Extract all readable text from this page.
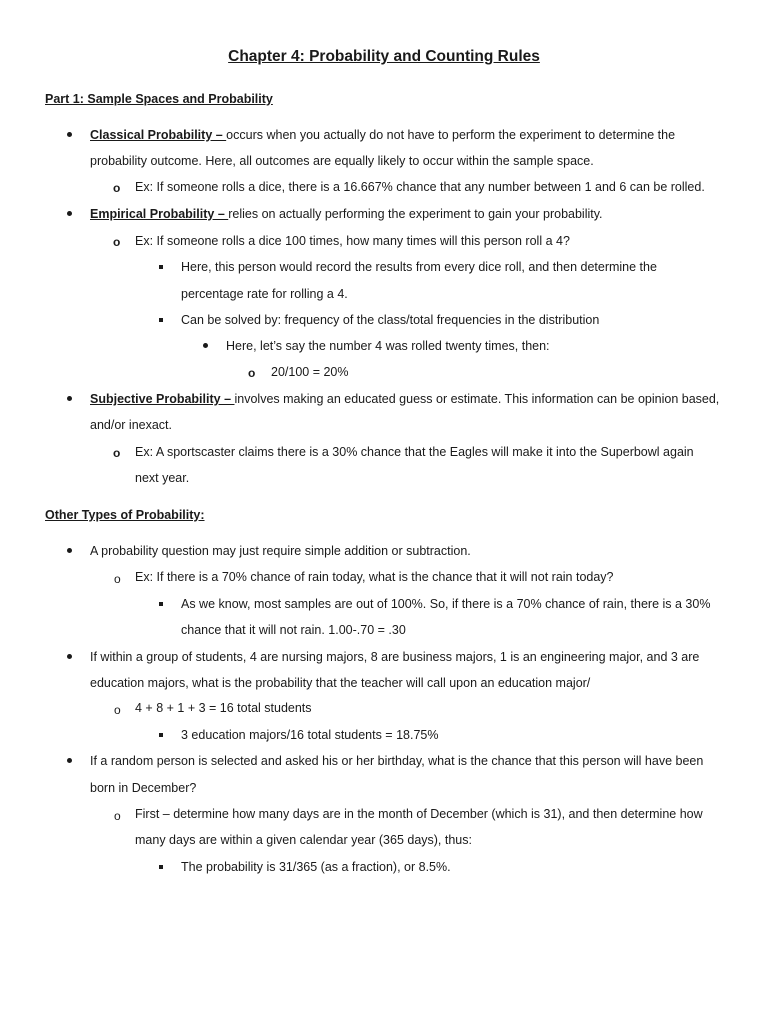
Chapter 4: Probability and Counting Rules
Part 1: Sample Spaces and Probability
Classical Probability – occurs when you actually do not have to perform the experiment to determine the
probability outcome. Here, all outcomes are equally likely to occur within the sample space.
o Ex: If someone rolls a dice, there is a 16.667% chance that any number between 1 and 6 can be rolled.
Empirical Probability – relies on actually performing the experiment to gain your probability.
o Ex: If someone rolls a dice 100 times, how many times will this person roll a 4?
Here, this person would record the results from every dice roll, and then determine the
percentage rate for rolling a 4.
Can be solved by: frequency of the class/total frequencies in the distribution
Here, let’s say the number 4 was rolled twenty times, then:
o 20/100 = 20%
Subjective Probability – involves making an educated guess or estimate. This information can be opinion based,
and/or inexact.
o Ex: A sportscaster claims there is a 30% chance that the Eagles will make it into the Superbowl again
next year.
Other Types of Probability:
A probability question may just require simple addition or subtraction.
o Ex: If there is a 70% chance of rain today, what is the chance that it will not rain today?
As we know, most samples are out of 100%. So, if there is a 70% chance of rain, there is a 30%
chance that it will not rain. 1.00-.70 = .30
If within a group of students, 4 are nursing majors, 8 are business majors, 1 is an engineering major, and 3 are
education majors, what is the probability that the teacher will call upon an education major/
o 4 + 8 + 1 + 3 = 16 total students
3 education majors/16 total students = 18.75%
If a random person is selected and asked his or her birthday, what is the chance that this person will have been
born in December?
o First – determine how many days are in the month of December (which is 31), and then determine how
many days are within a given calendar year (365 days), thus:
The probability is 31/365 (as a fraction), or 8.5%.
